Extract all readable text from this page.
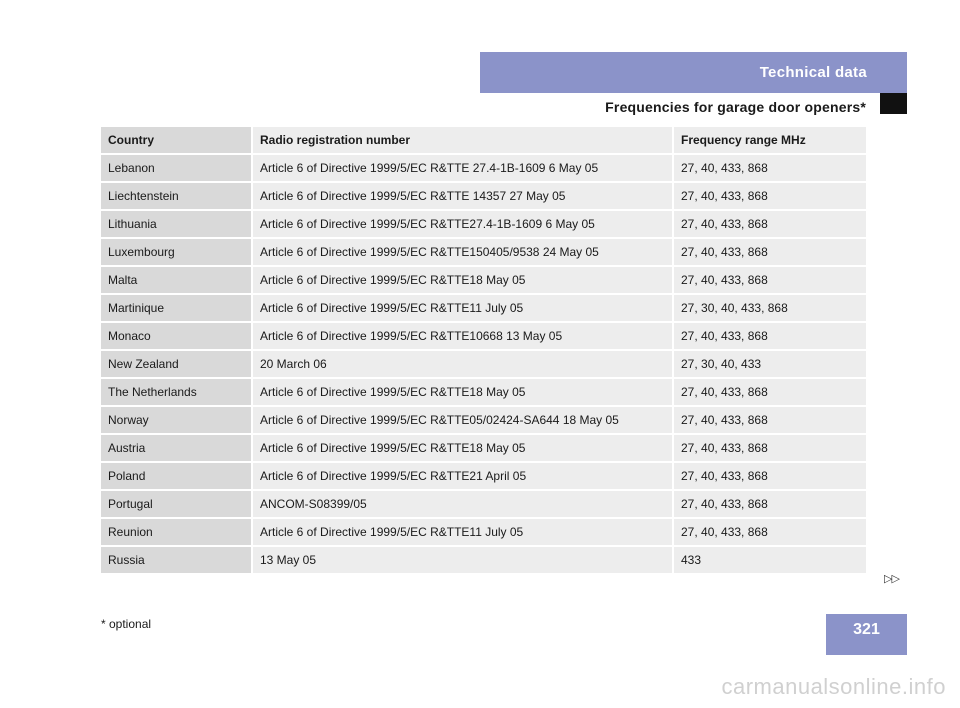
Technical data
Frequencies for garage door openers*
Country	Radio registration number	Frequency range MHz
Lebanon	Article 6 of Directive 1999/5/EC R&TTE 27.4-1B-1609 6 May 05	27, 40, 433, 868
Liechtenstein	Article 6 of Directive 1999/5/EC R&TTE 14357 27 May 05	27, 40, 433, 868
Lithuania	Article 6 of Directive 1999/5/EC R&TTE27.4-1B-1609 6 May 05	27, 40, 433, 868
Luxembourg	Article 6 of Directive 1999/5/EC R&TTE150405/9538 24 May 05	27, 40, 433, 868
Malta	Article 6 of Directive 1999/5/EC R&TTE18 May 05	27, 40, 433, 868
Martinique	Article 6 of Directive 1999/5/EC R&TTE11 July 05	27, 30, 40, 433, 868
Monaco	Article 6 of Directive 1999/5/EC R&TTE10668 13 May 05	27, 40, 433, 868
New Zealand	20 March 06	27, 30, 40, 433
The Netherlands	Article 6 of Directive 1999/5/EC R&TTE18 May 05	27, 40, 433, 868
Norway	Article 6 of Directive 1999/5/EC R&TTE05/02424-SA644 18 May 05	27, 40, 433, 868
Austria	Article 6 of Directive 1999/5/EC R&TTE18 May 05	27, 40, 433, 868
Poland	Article 6 of Directive 1999/5/EC R&TTE21 April 05	27, 40, 433, 868
Portugal	ANCOM-S08399/05	27, 40, 433, 868
Reunion	Article 6 of Directive 1999/5/EC R&TTE11 July 05	27, 40, 433, 868
Russia	13 May 05	433
▷▷
* optional	321
carmanualsonline.info
